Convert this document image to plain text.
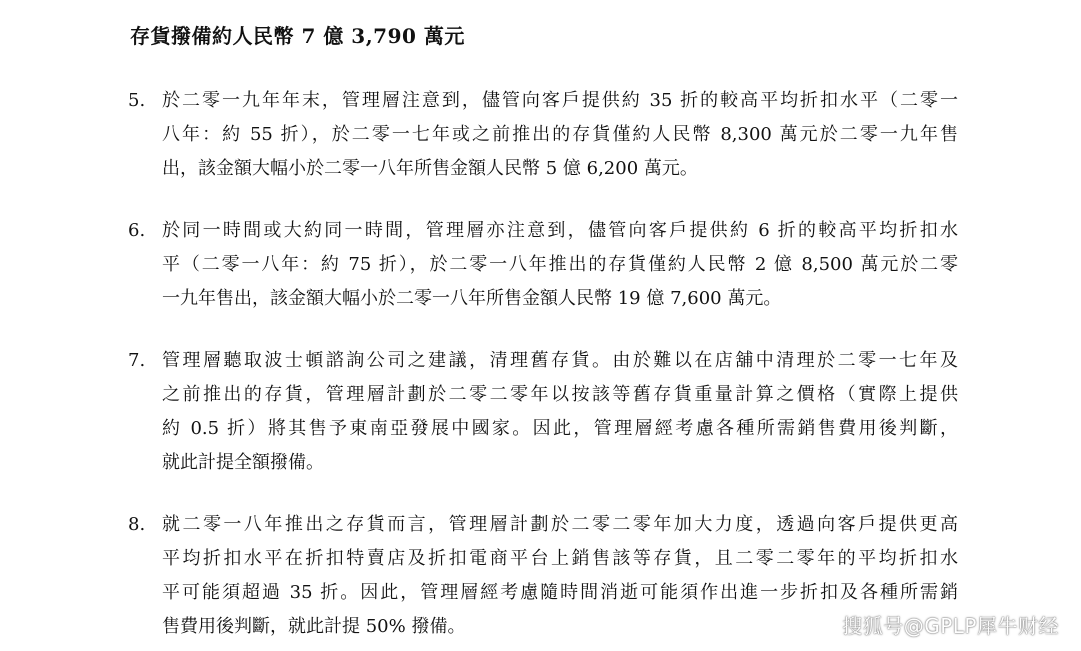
存貨撥備約人民幣 7 億 3,790 萬元
5. 於二零一九年年末，管理層注意到，儘管向客戶提供約 35 折的較高平均折扣水平（二零一
八年：約 55 折），於二零一七年或之前推出的存貨僅約人民幣 8,300 萬元於二零一九年售
出，該金額大幅小於二零一八年所售金額人民幣 5 億 6,200 萬元。
6. 於同一時間或大約同一時間，管理層亦注意到，儘管向客戶提供約 6 折的較高平均折扣水
平（二零一八年：約 75 折），於二零一八年推出的存貨僅約人民幣 2 億 8,500 萬元於二零
一九年售出，該金額大幅小於二零一八年所售金額人民幣 19 億 7,600 萬元。
7. 管理層聽取波士頓諮詢公司之建議，清理舊存貨。由於難以在店舖中清理於二零一七年及
之前推出的存貨，管理層計劃於二零二零年以按該等舊存貨重量計算之價格（實際上提供
約 0.5 折）將其售予東南亞發展中國家。因此，管理層經考慮各種所需銷售費用後判斷，
就此計提全額撥備。
8. 就二零一八年推出之存貨而言，管理層計劃於二零二零年加大力度，透過向客戶提供更高
平均折扣水平在折扣特賣店及折扣電商平台上銷售該等存貨，且二零二零年的平均折扣水
平可能須超過 35 折。因此，管理層經考慮隨時間消逝可能須作出進一步折扣及各種所需銷
售費用後判斷，就此計提 50% 撥備。	搜狐号@GPLP犀牛财经
